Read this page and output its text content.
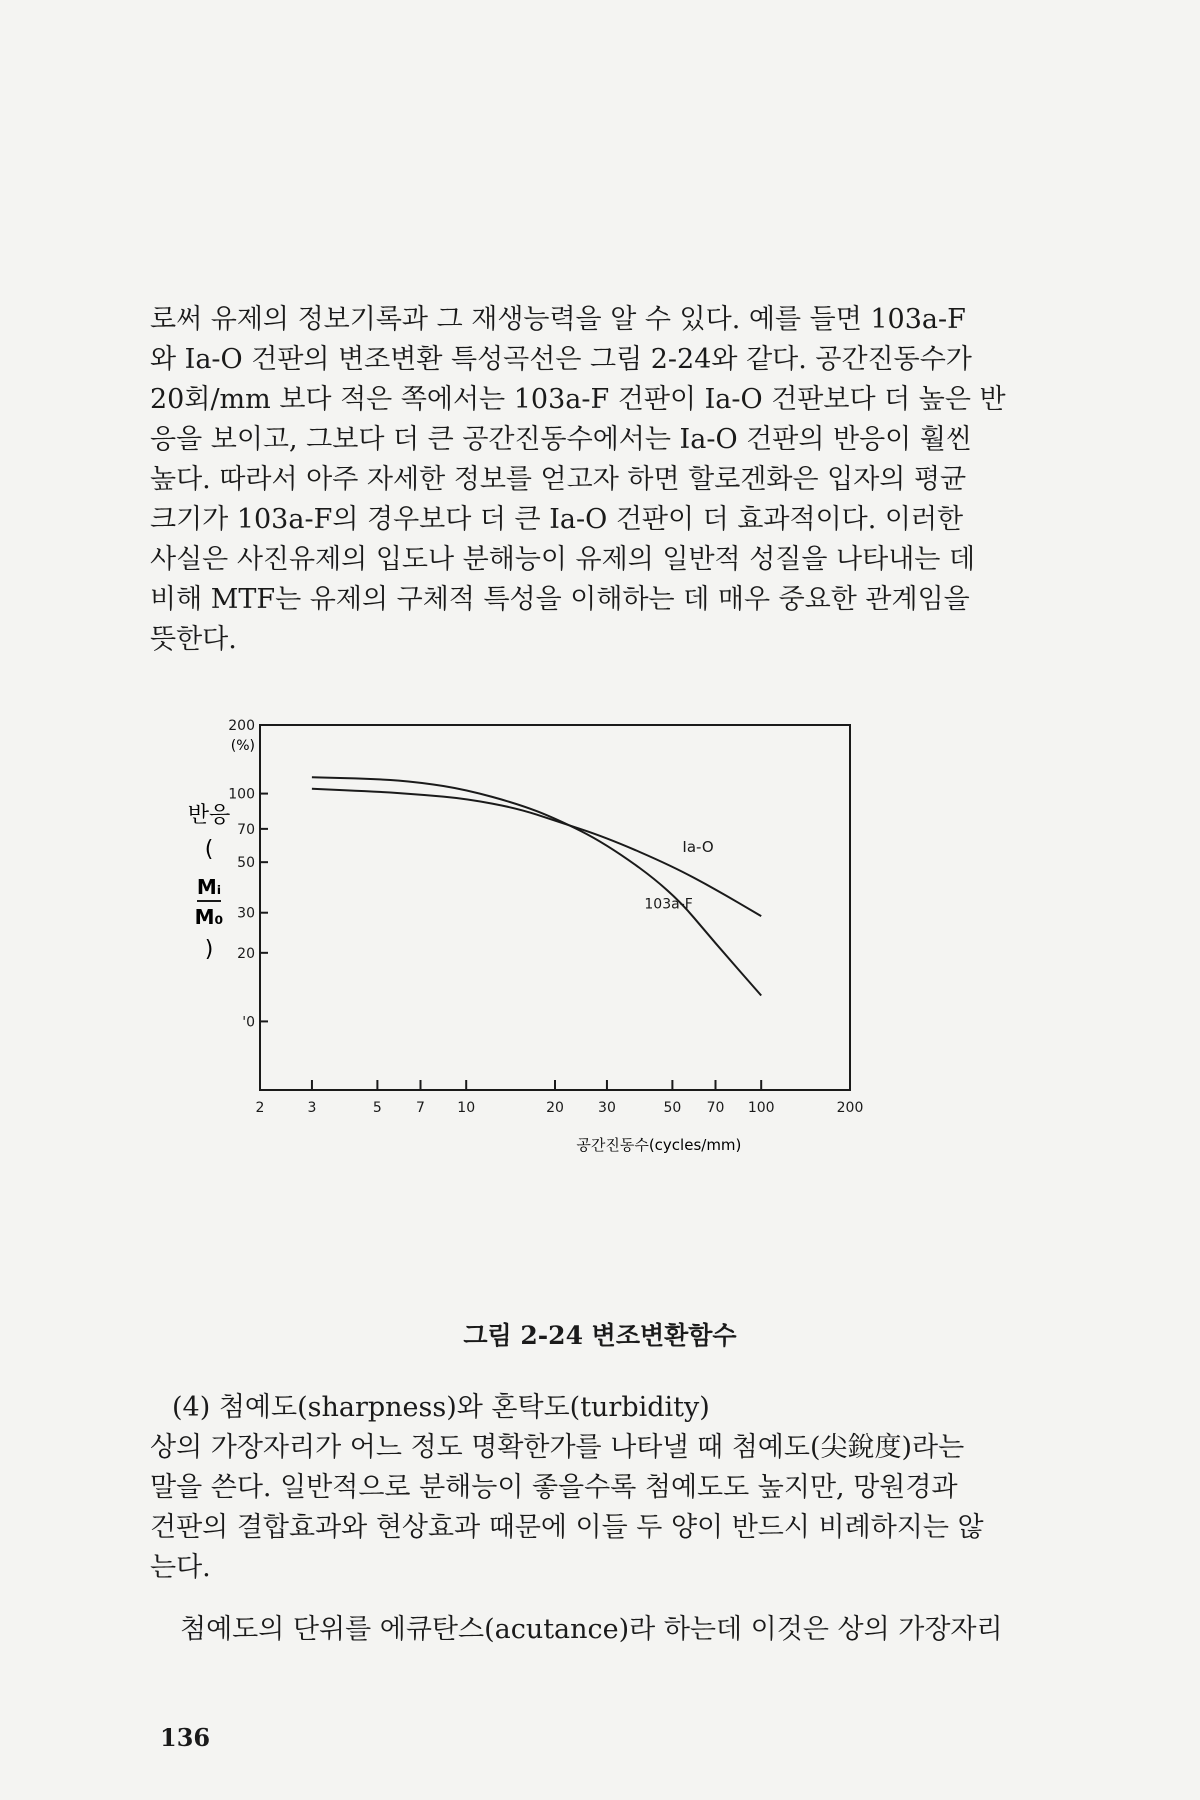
로써 유제의 정보기록과 그 재생능력을 알 수 있다. 예를 들면 103a-F
와 Ia-O 건판의 변조변환 특성곡선은 그림 2-24와 같다. 공간진동수가
20회/mm 보다 적은 쪽에서는 103a-F 건판이 Ia-O 건판보다 더 높은 반
응을 보이고, 그보다 더 큰 공간진동수에서는 Ia-O 건판의 반응이 훨씬
높다. 따라서 아주 자세한 정보를 얻고자 하면 할로겐화은 입자의 평균
크기가 103a-F의 경우보다 더 큰 Ia-O 건판이 더 효과적이다. 이러한
사실은 사진유제의 입도나 분해능이 유제의 일반적 성질을 나타내는 데
비해 MTF는 유제의 구체적 특성을 이해하는 데 매우 중요한 관계임을
뜻한다.

반응
(
Mᵢ
M₀
)
'0
20
30
50
70
100
200
2	3	5 7 10	20 30	50 70 100	200
Ia-O
103a-F
(%)
공간진동수(cycles/mm)
그림 2-24 변조변환함수
(4) 첨예도(sharpness)와 혼탁도(turbidity)

상의 가장자리가 어느 정도 명확한가를 나타낼 때 첨예도(尖銳度)라는
말을 쓴다. 일반적으로 분해능이 좋을수록 첨예도도 높지만, 망원경과
건판의 결합효과와 현상효과 때문에 이들 두 양이 반드시 비례하지는 않
는다.

첨예도의 단위를 에큐탄스(acutance)라 하는데 이것은 상의 가장자리

136
